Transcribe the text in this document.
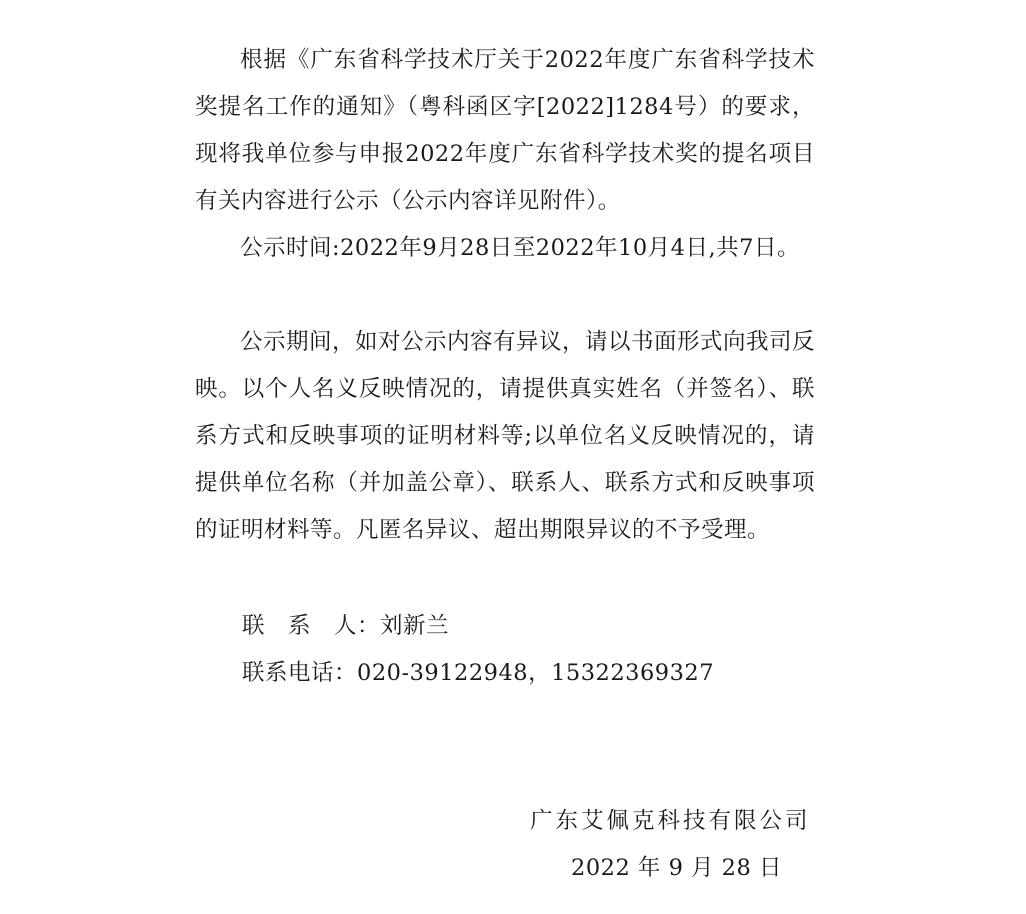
根据《广东省科学技术厅关于2022年度广东省科学技术奖提名工作的通知》（粤科函区字[2022]1284号）的要求，现将我单位参与申报2022年度广东省科学技术奖的提名项目有关内容进行公示（公示内容详见附件）。

公示时间:2022年9月28日至2022年10月4日,共7日。

公示期间，如对公示内容有异议，请以书面形式向我司反映。以个人名义反映情况的，请提供真实姓名（并签名）、联系方式和反映事项的证明材料等;以单位名义反映情况的，请提供单位名称（并加盖公章）、联系人、联系方式和反映事项的证明材料等。凡匿名异议、超出期限异议的不予受理。

联　系　人：刘新兰

联系电话：020-39122948，15322369327

广东艾佩克科技有限公司

2022 年 9 月 28 日
